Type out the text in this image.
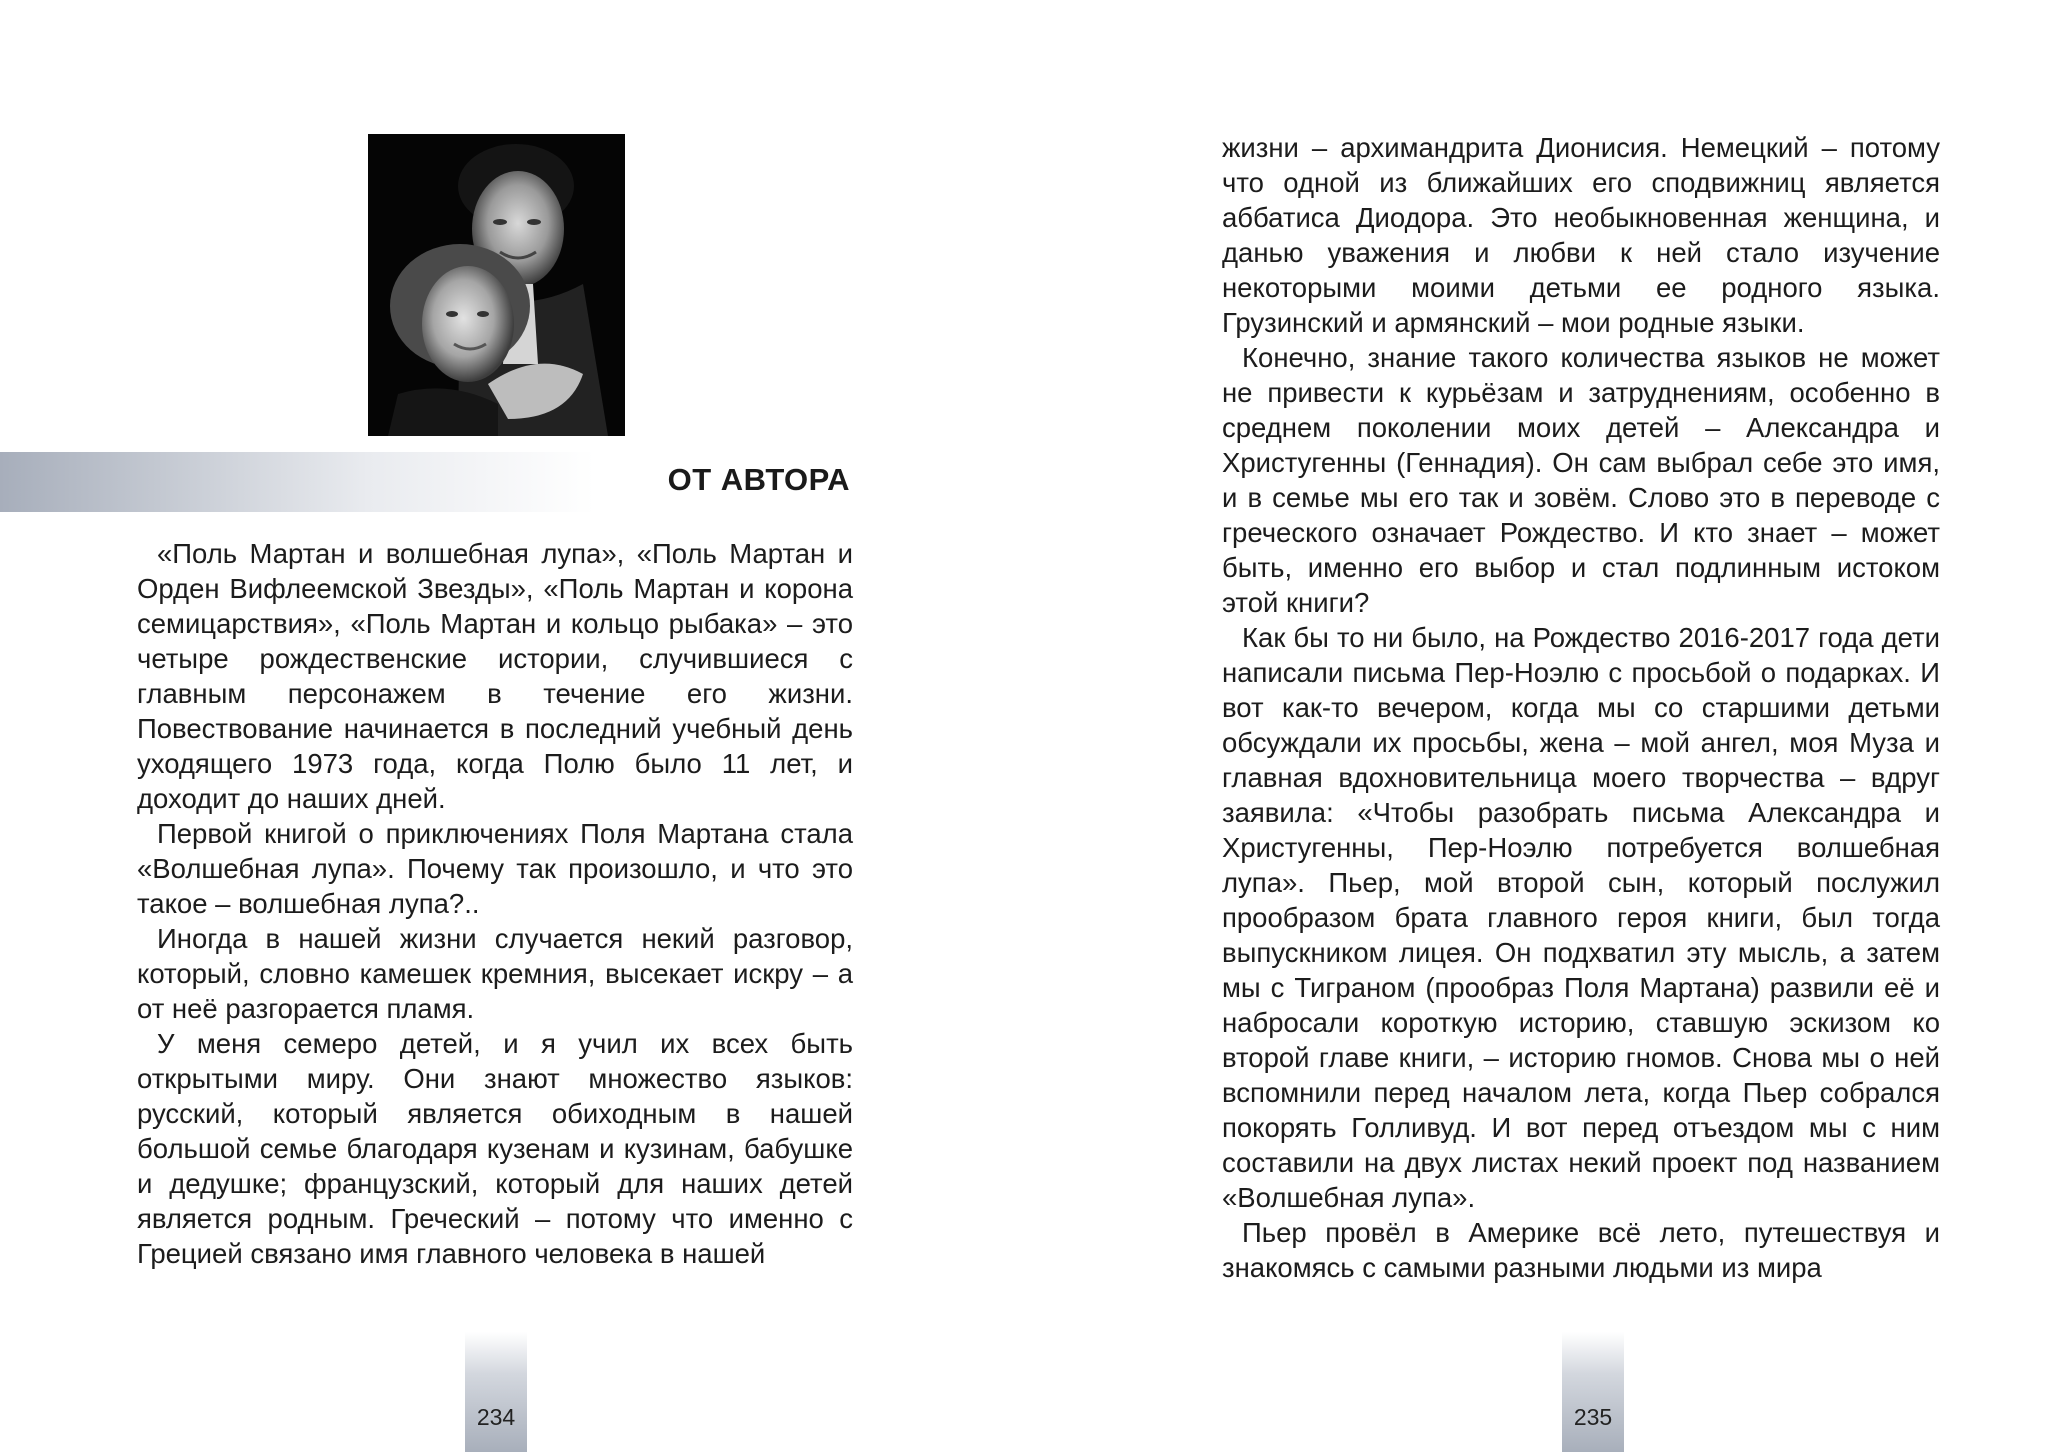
ОТ АВТОРА

«Поль Мартан и волшебная лупа», «Поль Мартан и Орден Вифлеемской Звезды», «Поль Мартан и корона семицарствия», «Поль Мартан и кольцо рыбака» – это четыре рождественские истории, случившиеся с главным персонажем в течение его жизни. Повествование начинается в последний учебный день уходящего 1973 года, когда Полю было 11 лет, и доходит до наших дней.

Первой книгой о приключениях Поля Мартана стала «Волшебная лупа». Почему так произошло, и что это такое – волшебная лупа?..

Иногда в нашей жизни случается некий разговор, который, словно камешек кремния, высекает искру – а от неё разгорается пламя.

У меня семеро детей, и я учил их всех быть открытыми миру. Они знают множество языков: русский, который является обиходным в нашей большой семье благодаря кузенам и кузинам, бабушке и дедушке; французский, который для наших детей является родным. Греческий – потому что именно с Грецией связано имя главного человека в нашей

234

жизни – архимандрита Дионисия. Немецкий – потому что одной из ближайших его сподвижниц является аббатиса Диодора. Это необыкновенная женщина, и данью уважения и любви к ней стало изучение некоторыми моими детьми ее родного языка. Грузинский и армянский – мои родные языки.

Конечно, знание такого количества языков не может не привести к курьёзам и затруднениям, особенно в среднем поколении моих детей – Александра и Христугенны (Геннадия). Он сам выбрал себе это имя, и в семье мы его так и зовём. Слово это в переводе с греческого означает Рождество. И кто знает – может быть, именно его выбор и стал подлинным истоком этой книги?

Как бы то ни было, на Рождество 2016-2017 года дети написали письма Пер-Ноэлю с просьбой о подарках. И вот как-то вечером, когда мы со старшими детьми обсуждали их просьбы, жена – мой ангел, моя Муза и главная вдохновительница моего творчества – вдруг заявила: «Чтобы разобрать письма Александра и Христугенны, Пер-Ноэлю потребуется волшебная лупа». Пьер, мой второй сын, который послужил прообразом брата главного героя книги, был тогда выпускником лицея. Он подхватил эту мысль, а затем мы с Тиграном (прообраз Поля Мартана) развили её и набросали короткую историю, ставшую эскизом ко второй главе книги, – историю гномов. Снова мы о ней вспомнили перед началом лета, когда Пьер собрался покорять Голливуд. И вот перед отъездом мы с ним составили на двух листах некий проект под названием «Волшебная лупа».

Пьер провёл в Америке всё лето, путешествуя и знакомясь с самыми разными людьми из мира

235
